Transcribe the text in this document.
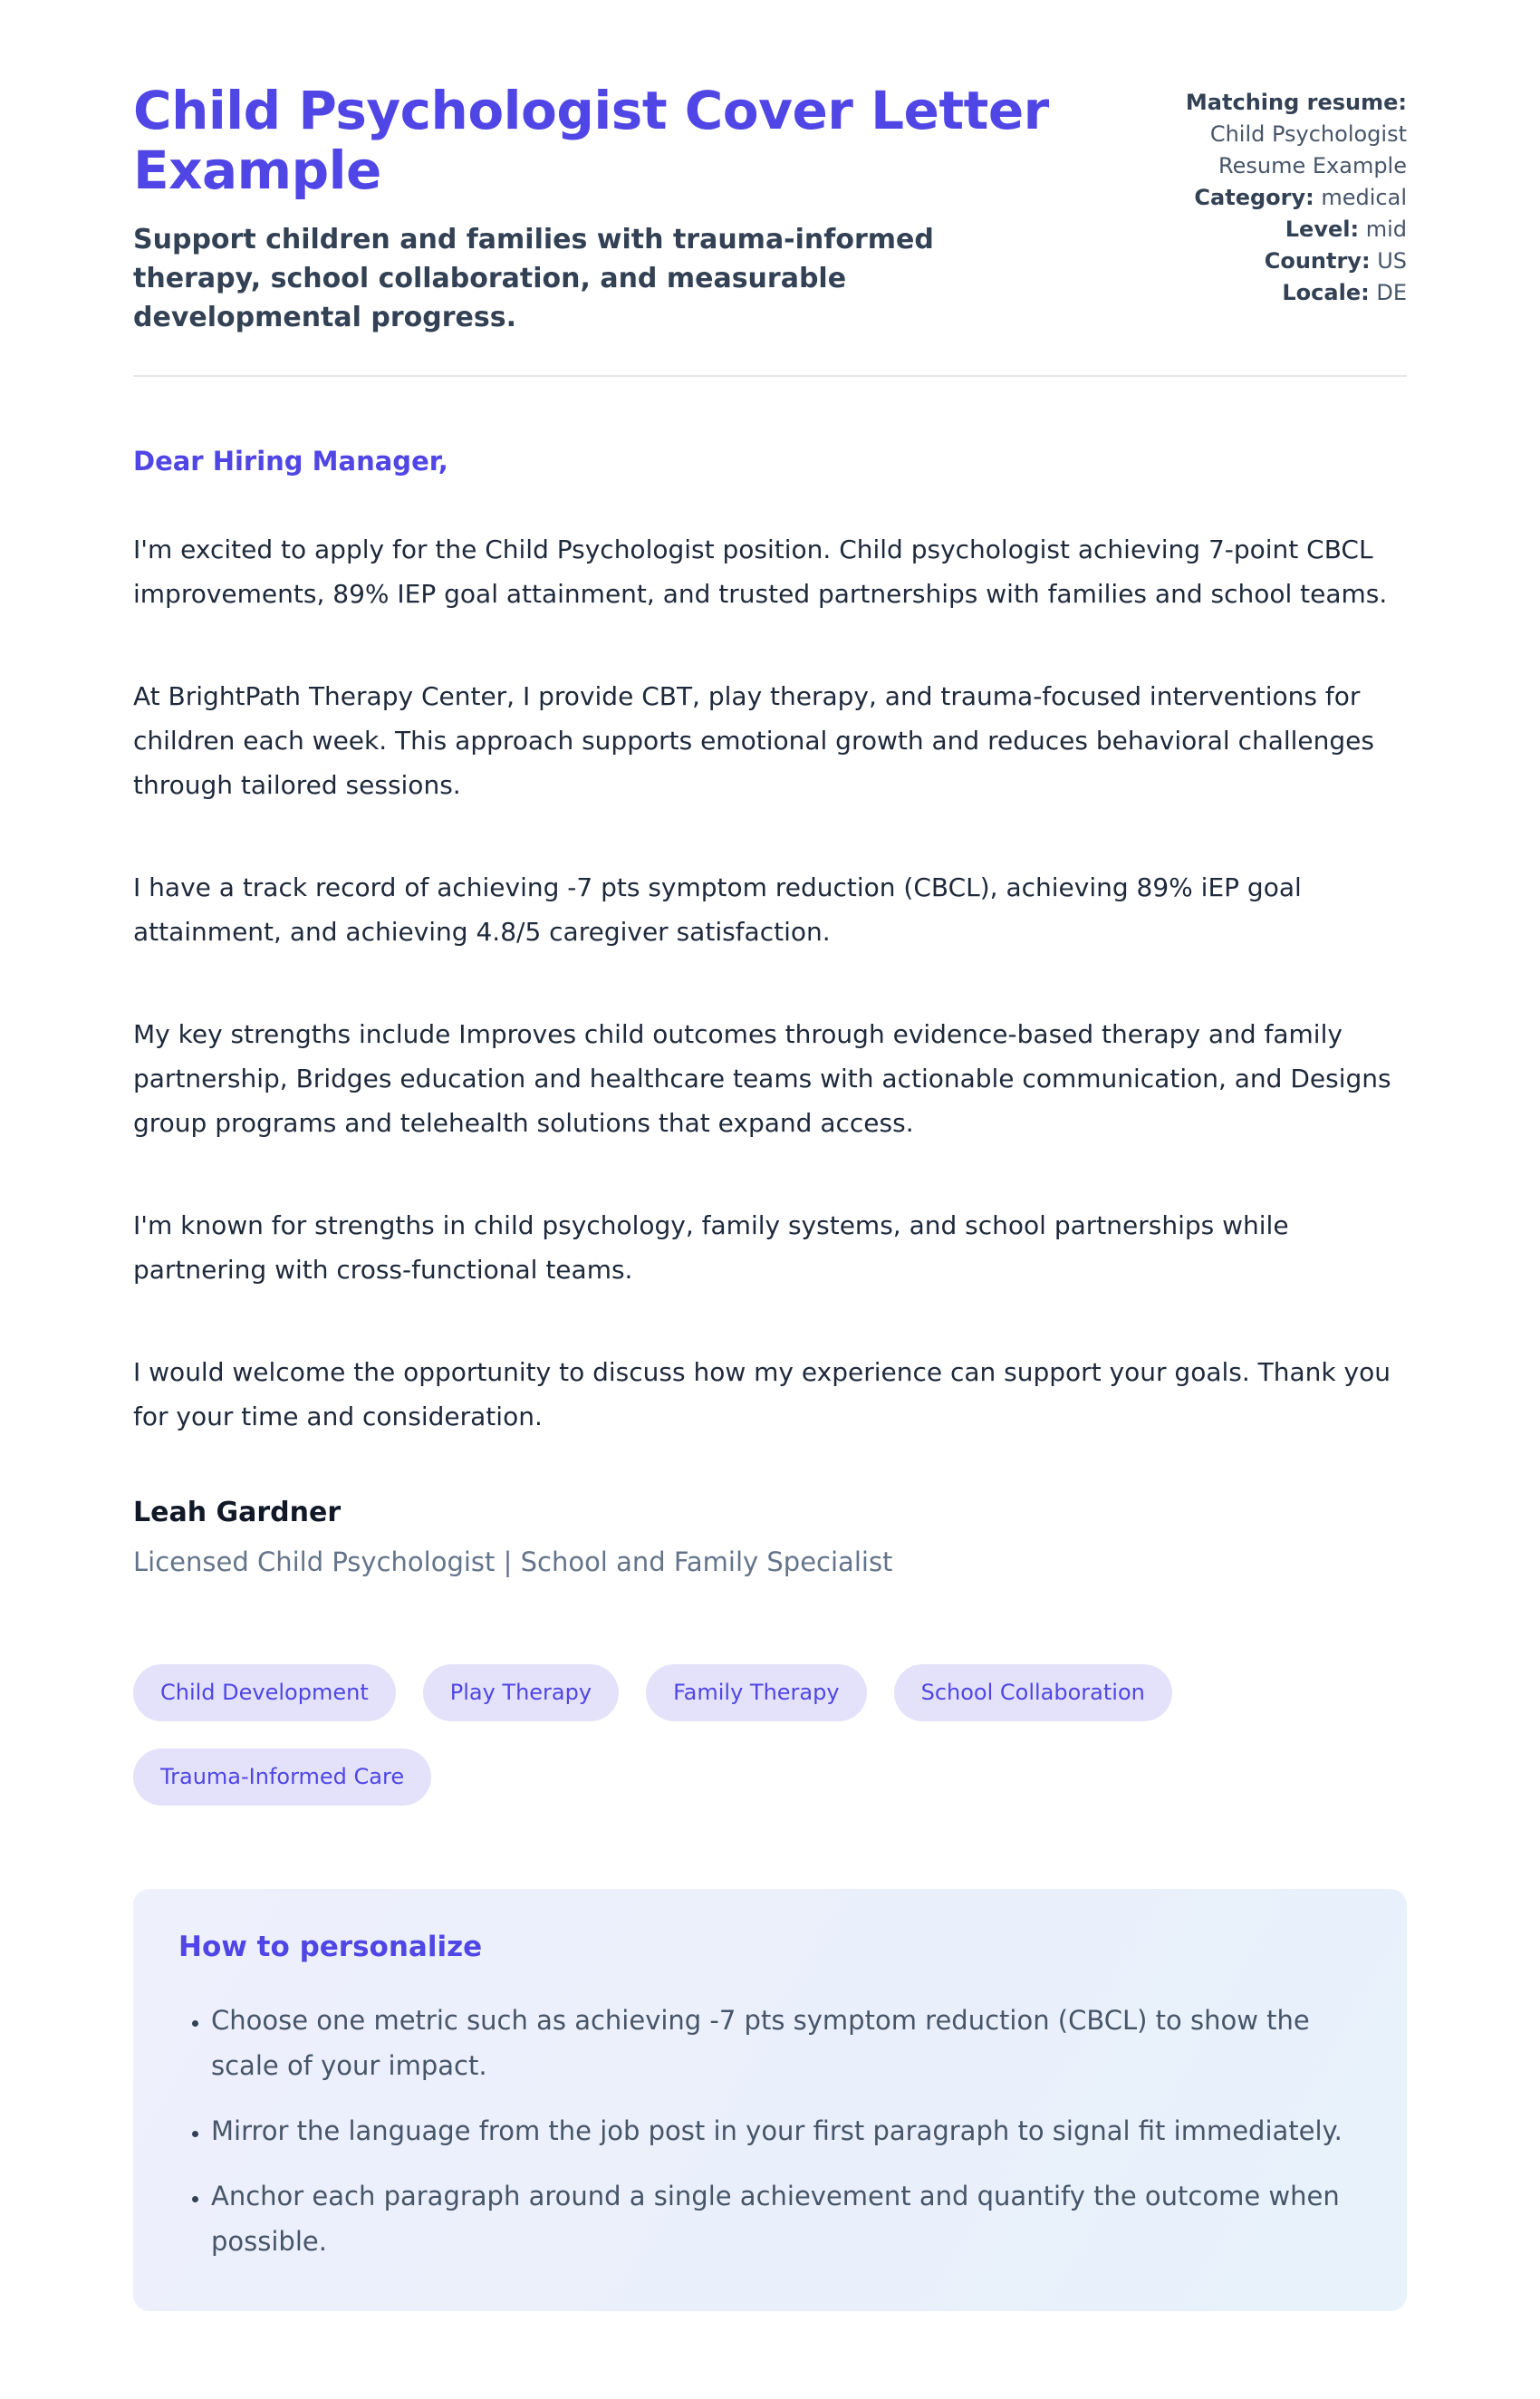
Child Psychologist Cover Letter Example

Support children and families with trauma-informed therapy, school collaboration, and measurable developmental progress.

Matching resume:
Child Psychologist Resume Example
Category: medical
Level: mid
Country: US
Locale: DE

Dear Hiring Manager,

I'm excited to apply for the Child Psychologist position. Child psychologist achieving 7-point CBCL improvements, 89% IEP goal attainment, and trusted partnerships with families and school teams.

At BrightPath Therapy Center, I provide CBT, play therapy, and trauma-focused interventions for children each week. This approach supports emotional growth and reduces behavioral challenges through tailored sessions.

I have a track record of achieving -7 pts symptom reduction (CBCL), achieving 89% iEP goal attainment, and achieving 4.8/5 caregiver satisfaction.

My key strengths include Improves child outcomes through evidence-based therapy and family partnership, Bridges education and healthcare teams with actionable communication, and Designs group programs and telehealth solutions that expand access.

I'm known for strengths in child psychology, family systems, and school partnerships while partnering with cross-functional teams.

I would welcome the opportunity to discuss how my experience can support your goals. Thank you for your time and consideration.

Leah Gardner

Licensed Child Psychologist | School and Family Specialist

Child Development	Play Therapy	Family Therapy	School Collaboration
Trauma-Informed Care
How to personalize
• Choose one metric such as achieving -7 pts symptom reduction (CBCL) to show the scale of your impact.
• Mirror the language from the job post in your first paragraph to signal fit immediately.
• Anchor each paragraph around a single achievement and quantify the outcome when possible.
